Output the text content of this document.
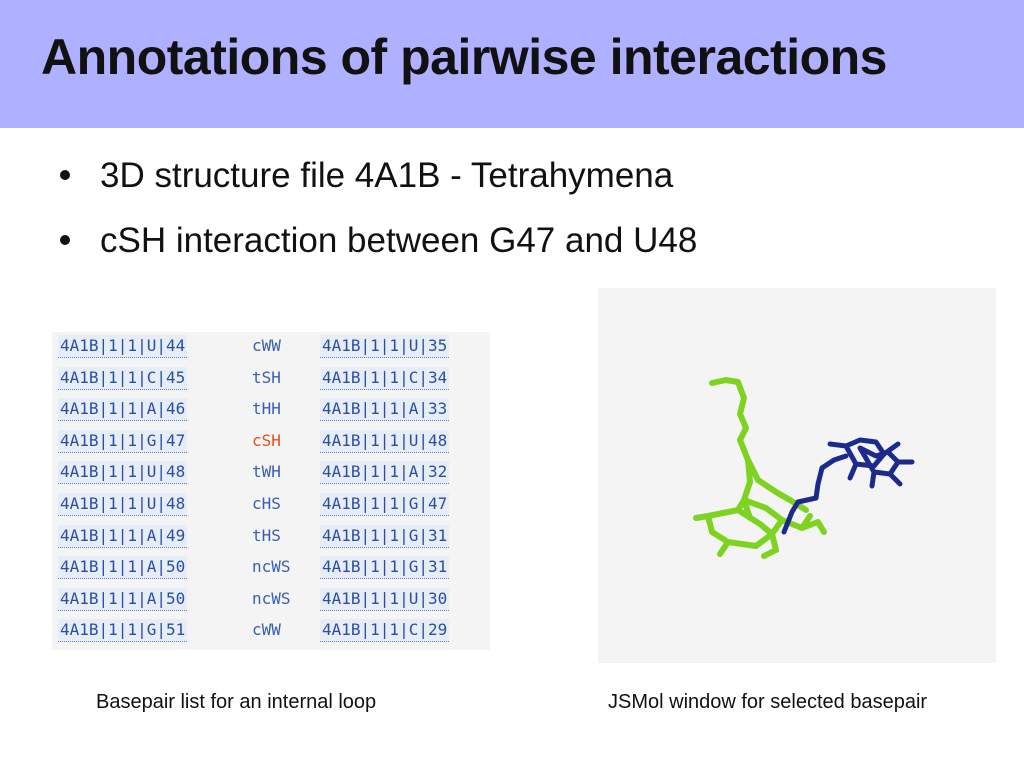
Annotations of pairwise interactions
3D structure file 4A1B - Tetrahymena
cSH interaction between G47 and U48
4A1B|1|1|U|44	cWW	4A1B|1|1|U|35
4A1B|1|1|C|45	tSH	4A1B|1|1|C|34
4A1B|1|1|A|46	tHH	4A1B|1|1|A|33
4A1B|1|1|G|47	cSH	4A1B|1|1|U|48
4A1B|1|1|U|48	tWH	4A1B|1|1|A|32
4A1B|1|1|U|48	cHS	4A1B|1|1|G|47
4A1B|1|1|A|49	tHS	4A1B|1|1|G|31
4A1B|1|1|A|50	ncWS 4A1B|1|1|G|31
4A1B|1|1|A|50	ncWS 4A1B|1|1|U|30
4A1B|1|1|G|51	cWW	4A1B|1|1|C|29
Basepair list for an internal loop	JSMol window for selected basepair
